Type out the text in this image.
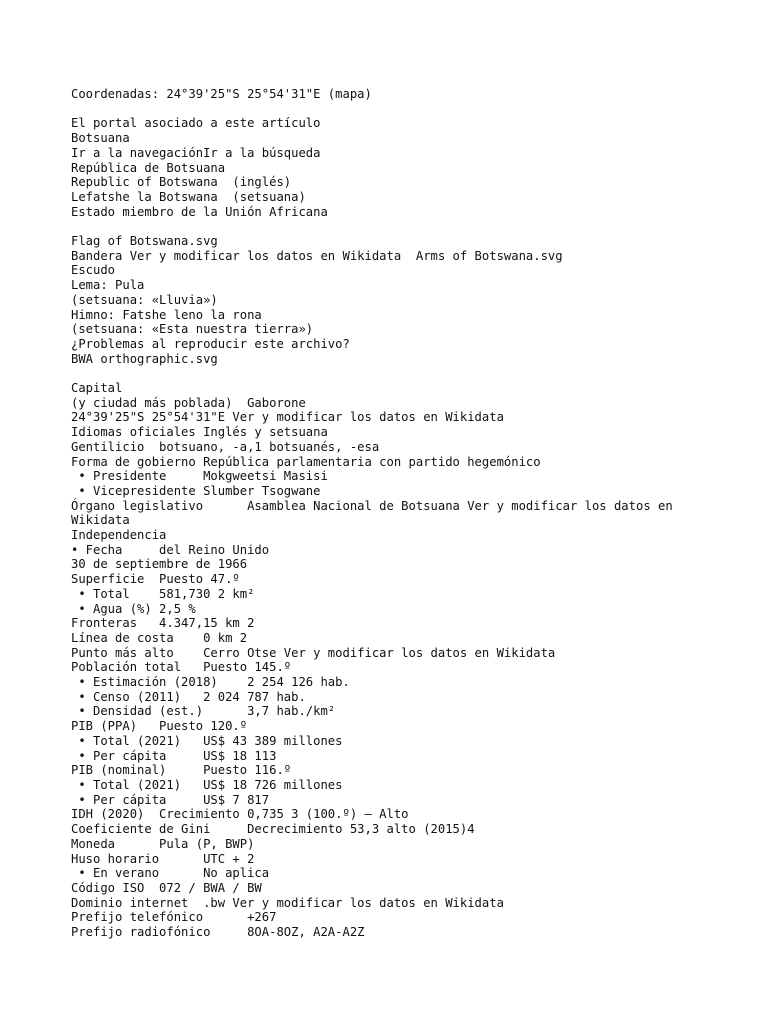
Coordenadas: 24°39'25"S 25°54'31"E (mapa)
El portal asociado a este artículo
Botsuana
Ir a la navegaciónIr a la búsqueda
República de Botsuana
Republic of Botswana  (inglés)
Lefatshe la Botswana  (setsuana)
Estado miembro de la Unión Africana
Flag of Botswana.svg
Bandera Ver y modificar los datos en Wikidata  Arms of Botswana.svg
Escudo
Lema: Pula
(setsuana: «Lluvia»)
Himno: Fatshe leno la rona
(setsuana: «Esta nuestra tierra»)
¿Problemas al reproducir este archivo?
BWA orthographic.svg
Capital
(y ciudad más poblada)  Gaborone
24°39'25"S 25°54'31"E Ver y modificar los datos en Wikidata
Idiomas oficiales Inglés y setsuana
Gentilicio  botsuano, -a,1 botsuanés, -esa
Forma de gobierno República parlamentaria con partido hegemónico
• Presidente     Mokgweetsi Masisi
• Vicepresidente Slumber Tsogwane
Órgano legislativo      Asamblea Nacional de Botsuana Ver y modificar los datos en
Wikidata
Independencia
• Fecha     del Reino Unido
30 de septiembre de 1966
Superficie  Puesto 47.º
• Total    581,730 2 km²
• Agua (%) 2,5 %
Fronteras   4.347,15 km 2
Línea de costa    0 km 2
Punto más alto    Cerro Otse Ver y modificar los datos en Wikidata
Población total   Puesto 145.º
• Estimación (2018)    2 254 126 hab.
• Censo (2011)   2 024 787 hab.
• Densidad (est.)      3,7 hab./km²
PIB (PPA)   Puesto 120.º
• Total (2021)   US$ 43 389 millones
• Per cápita     US$ 18 113
PIB (nominal)     Puesto 116.º
• Total (2021)   US$ 18 726 millones
• Per cápita     US$ 7 817
IDH (2020)  Crecimiento 0,735 3 (100.º) – Alto
Coeficiente de Gini     Decrecimiento 53,3 alto (2015)4
Moneda      Pula (P, BWP)
Huso horario      UTC + 2
• En verano      No aplica
Código ISO  072 / BWA / BW
Dominio internet  .bw Ver y modificar los datos en Wikidata
Prefijo telefónico      +267
Prefijo radiofónico     8OA-8OZ, A2A-A2Z
